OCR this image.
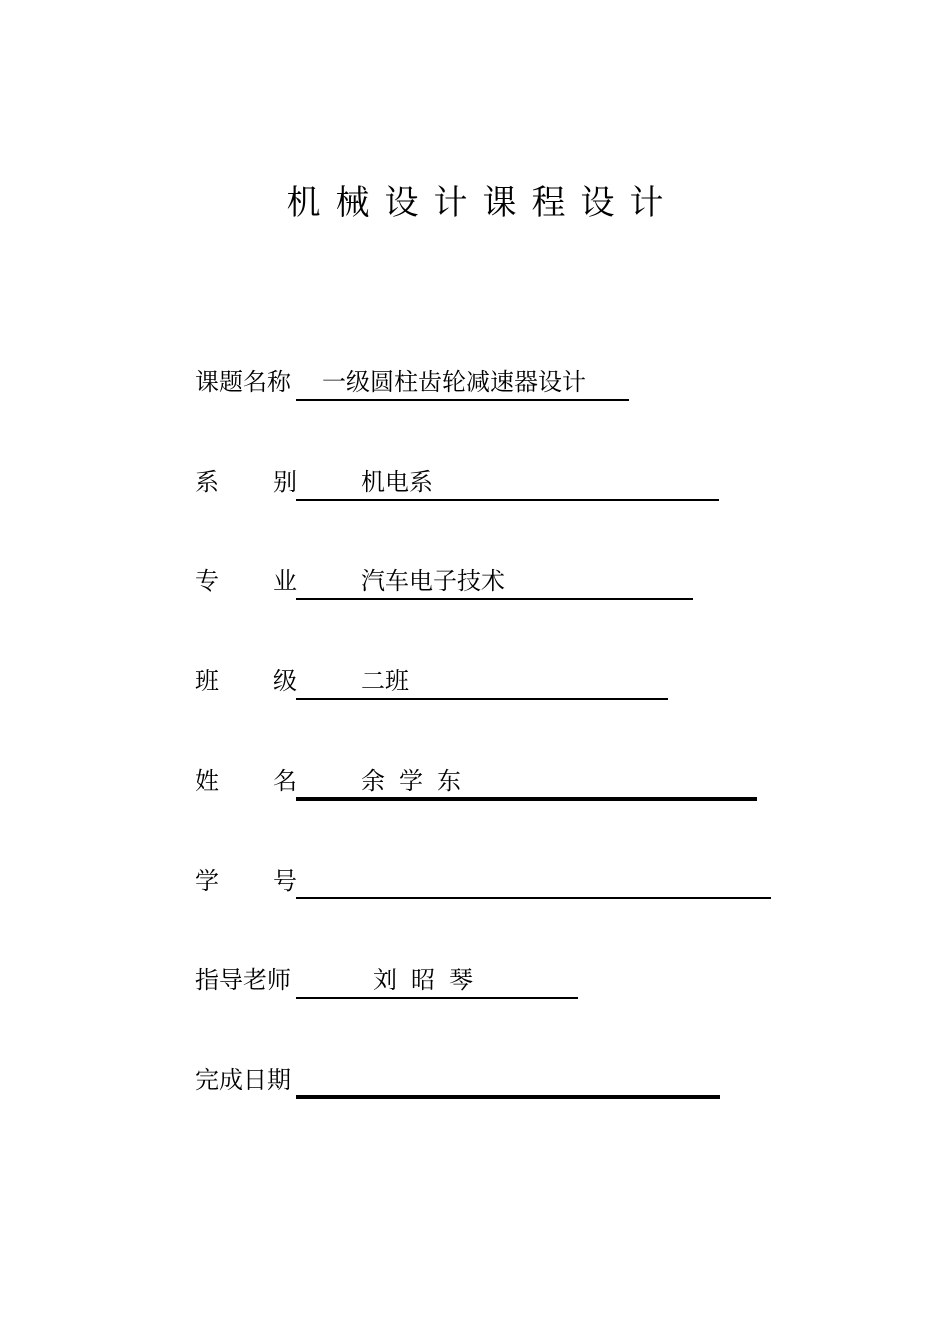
机械设计课程设计
课题名称 一级圆柱齿轮减速器设计
系 别	机电系
专 业	汽车电子技术
班 级	二班
姓 名	余学东
学 号
指导老师	刘昭琴
完成日期
